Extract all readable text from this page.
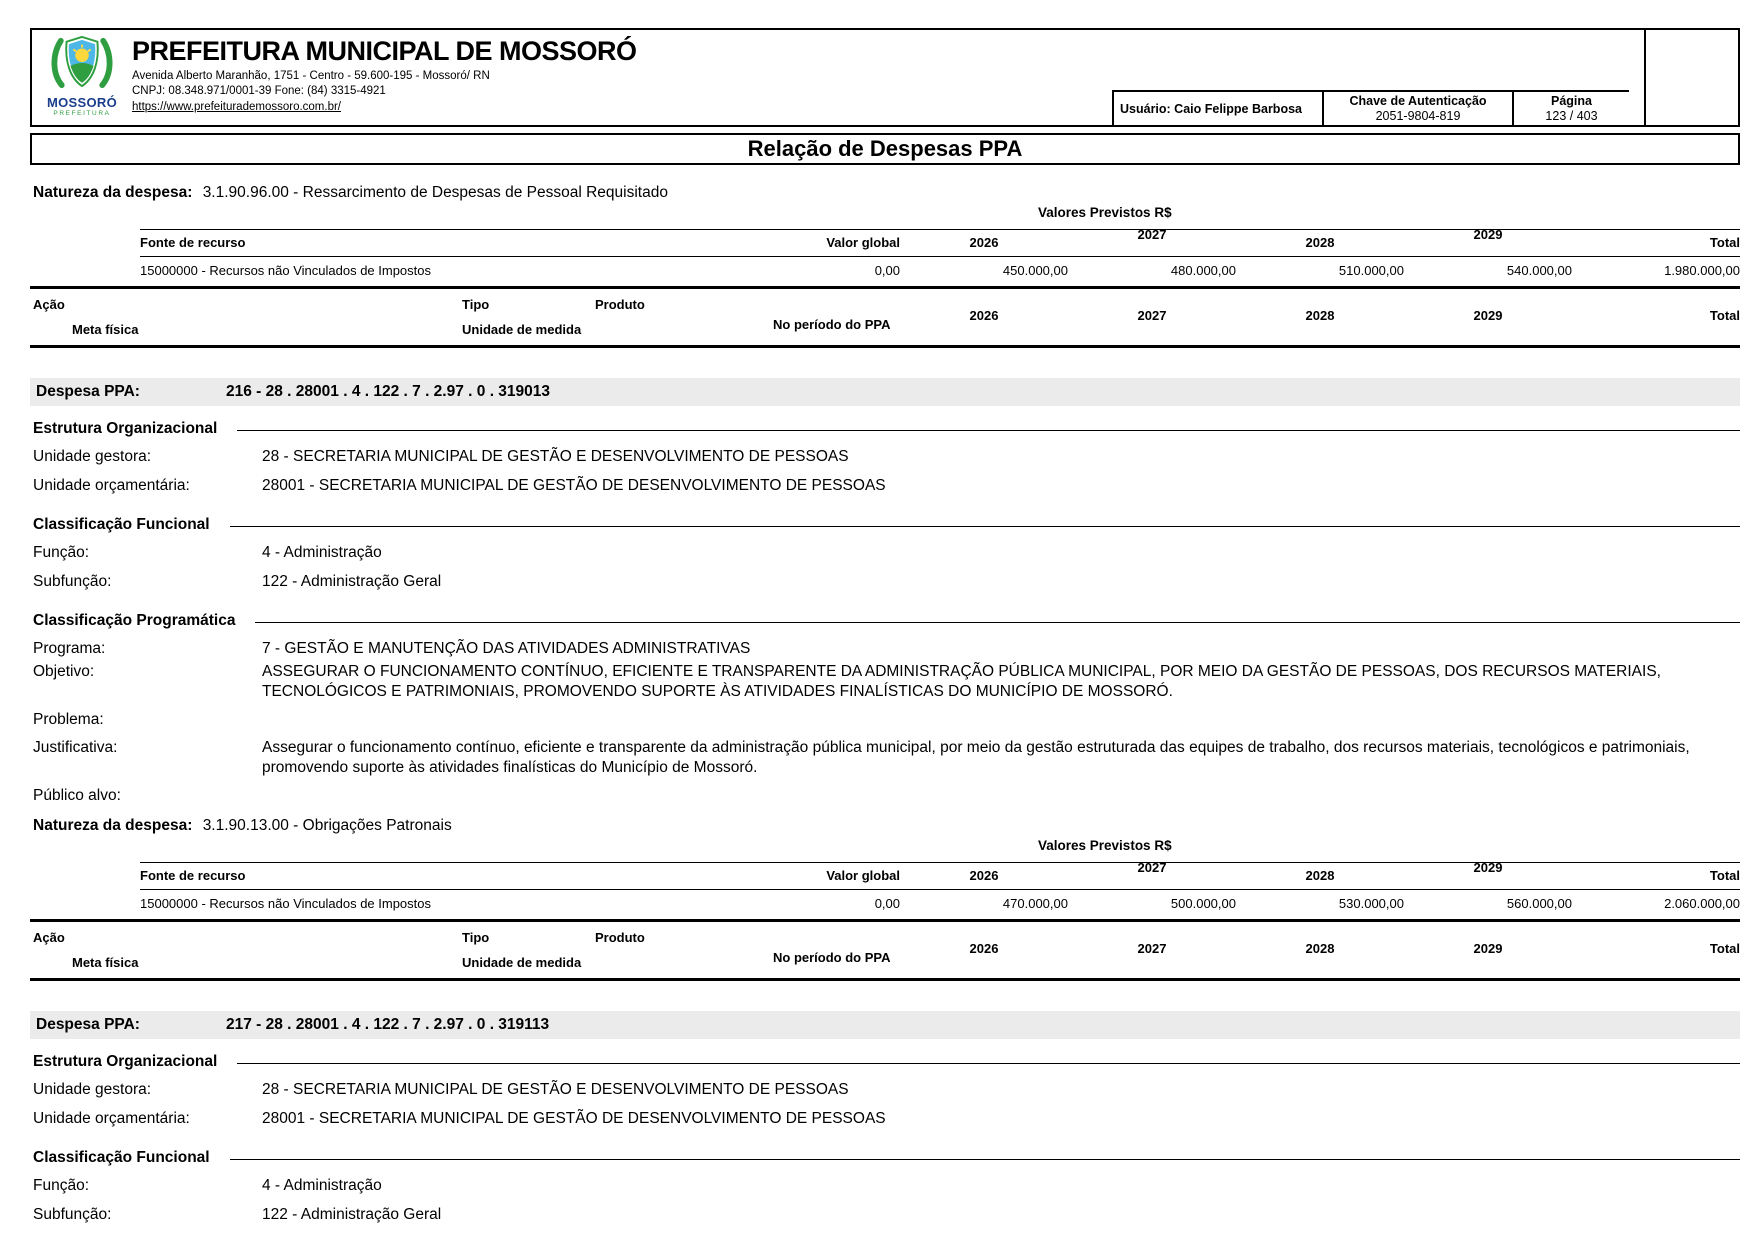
MOSSORÓ
PREFEITURA
PREFEITURA MUNICIPAL DE MOSSORÓ
Avenida Alberto Maranhão, 1751 - Centro - 59.600-195 - Mossoró/ RN
CNPJ: 08.348.971/0001-39 Fone: (84) 3315-4921
https://www.prefeiturademossoro.com.br/	Usuário: Caio Felippe Barbosa
Chave de Autenticação
2051-9804-819
Página
123 / 403
Relação de Despesas PPA
Natureza da despesa: 3.1.90.96.00 - Ressarcimento de Despesas de Pessoal Requisitado
Valores Previstos R$
Fonte de recurso	Valor global	2026	2027	2028	2029	Total
15000000 - Recursos não Vinculados de Impostos	0,00	450.000,00	480.000,00	510.000,00	540.000,00	1.980.000,00
Ação	Tipo	Produto
Meta física	Unidade de medida	No período do PPA
2026	2027	2028	2029	Total
Despesa PPA:	216 - 28 . 28001 . 4 . 122 . 7 . 2.97 . 0 . 319013
Estrutura Organizacional
Unidade gestora:	28 - SECRETARIA MUNICIPAL DE GESTÃO E DESENVOLVIMENTO DE PESSOAS
Unidade orçamentária:	28001 - SECRETARIA MUNICIPAL DE GESTÃO DE DESENVOLVIMENTO DE PESSOAS
Classificação Funcional
Função:	4 - Administração
Subfunção:	122 - Administração Geral
Classificação Programática
Programa:	7 - GESTÃO E MANUTENÇÃO DAS ATIVIDADES ADMINISTRATIVAS
Objetivo:	ASSEGURAR O FUNCIONAMENTO CONTÍNUO, EFICIENTE E TRANSPARENTE DA ADMINISTRAÇÃO PÚBLICA MUNICIPAL, POR MEIO DA GESTÃO DE PESSOAS, DOS RECURSOS MATERIAIS, TECNOLÓGICOS E PATRIMONIAIS, PROMOVENDO SUPORTE ÀS ATIVIDADES FINALÍSTICAS DO MUNICÍPIO DE MOSSORÓ.
Problema:
Justificativa:	Assegurar o funcionamento contínuo, eficiente e transparente da administração pública municipal, por meio da gestão estruturada das equipes de trabalho, dos recursos materiais, tecnológicos e patrimoniais, promovendo suporte às atividades finalísticas do Município de Mossoró.
Público alvo:
Natureza da despesa: 3.1.90.13.00 - Obrigações Patronais
Valores Previstos R$
Fonte de recurso	Valor global	2026	2027	2028	2029	Total
15000000 - Recursos não Vinculados de Impostos	0,00	470.000,00	500.000,00	530.000,00	560.000,00	2.060.000,00
Ação	Tipo	Produto
Meta física	Unidade de medida	No período do PPA
2026	2027	2028	2029	Total
Despesa PPA:	217 - 28 . 28001 . 4 . 122 . 7 . 2.97 . 0 . 319113
Estrutura Organizacional
Unidade gestora:	28 - SECRETARIA MUNICIPAL DE GESTÃO E DESENVOLVIMENTO DE PESSOAS
Unidade orçamentária:	28001 - SECRETARIA MUNICIPAL DE GESTÃO DE DESENVOLVIMENTO DE PESSOAS
Classificação Funcional
Função:	4 - Administração
Subfunção:	122 - Administração Geral
